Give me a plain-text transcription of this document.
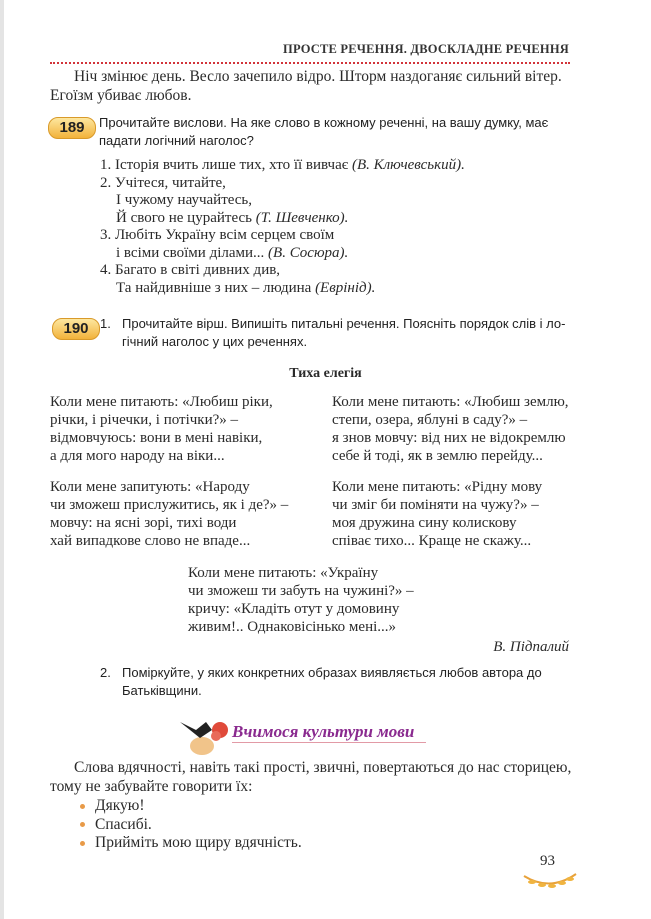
ПРОСТЕ РЕЧЕННЯ. ДВОСКЛАДНЕ РЕЧЕННЯ
Ніч змінює день. Весло зачепило відро. Шторм наздоганяє сильний вітер.
Егоїзм убиває любов.
189	Прочитайте вислови. На яке слово в кожному реченні, на вашу думку, має
падати логічний наголос?
1. Історія вчить лише тих, хто її вивчає (В. Ключевський).
2. Учітеся, читайте,
І чужому научайтесь,
Й свого не цурайтесь (Т. Шевченко).
3. Любіть Україну всім серцем своїм
і всіми своїми ділами... (В. Сосюра).
4. Багато в світі дивних див,
Та найдивніше з них – людина (Еврінід).
190 1. Прочитайте вірш. Випишіть питальні речення. Поясніть порядок слів і ло-
гічний наголос у цих реченнях.
Тиха елегія
Коли мене питають: «Любиш ріки,
річки, і річечки, і потічки?» –
відмовчуюсь: вони в мені навіки,
а для мого народу на віки...
Коли мене питають: «Любиш землю,
степи, озера, яблуні в саду?» –
я знов мовчу: від них не відокремлю
себе й тоді, як в землю перейду...
Коли мене запитують: «Народу
чи зможеш прислужитись, як і де?» –
мовчу: на ясні зорі, тихі води
хай випадкове слово не впаде...
Коли мене питають: «Рідну мову
чи зміг би поміняти на чужу?» –
моя дружина сину колискову
співає тихо... Краще не скажу...
Коли мене питають: «Україну
чи зможеш ти забуть на чужині?» –
кричу: «Кладіть отут у домовину
живим!.. Однаковісінько мені...»
В. Підпалий
2. Поміркуйте, у яких конкретних образах виявляється любов автора до
Батьківщини.
Вчимося культури мови
Слова вдячності, навіть такі прості, звичні, повертаються до нас сторицею,
тому не забувайте говорити їх:
Дякую!
Спасибі.
Прийміть мою щиру вдячність.
93
